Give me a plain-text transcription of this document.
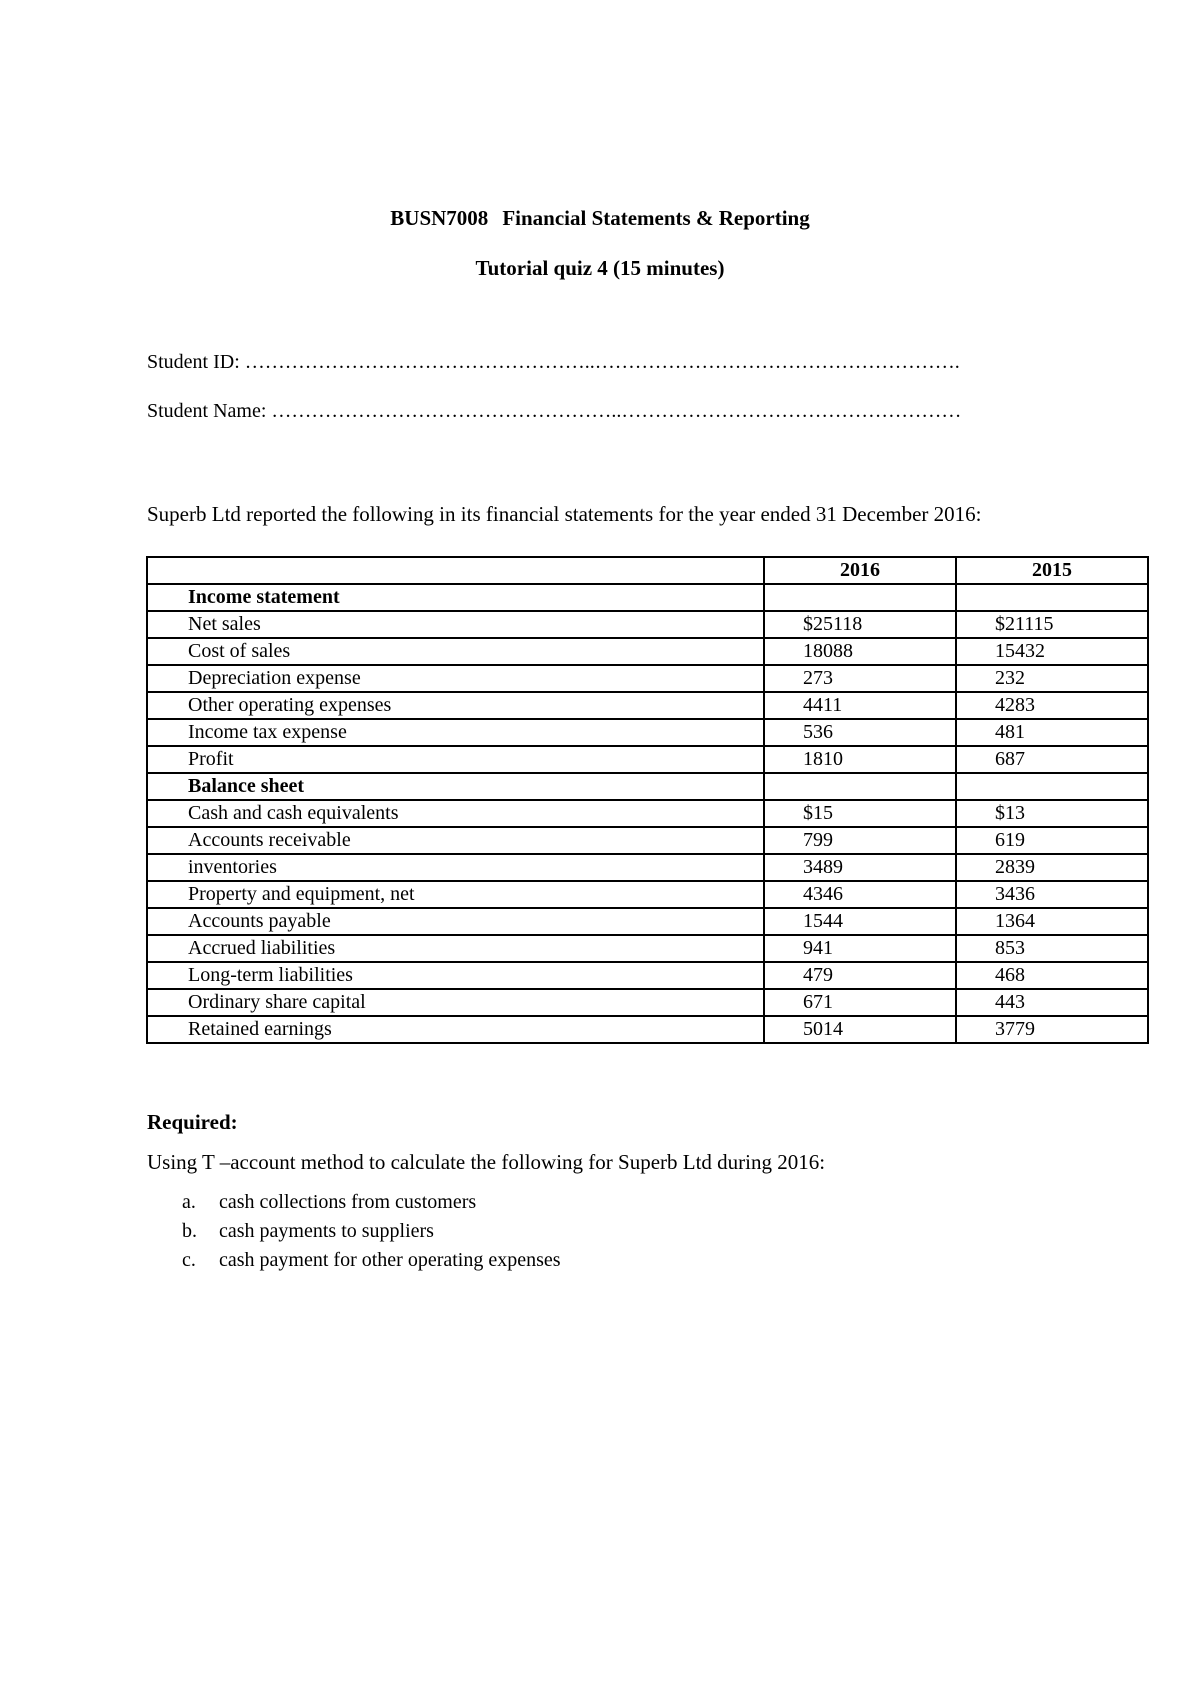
BUSN7008 Financial Statements & Reporting
Tutorial quiz 4 (15 minutes)
Student ID: ……………………………………………..……………………………………………….
Student Name: ……………………………………………..……………………………………………
Superb Ltd reported the following in its financial statements for the year ended 31 December 2016:
	2016	2015
Income statement		
Net sales	$25118	$21115
Cost of sales	18088	15432
Depreciation expense	273	232
Other operating expenses	4411	4283
Income tax expense	536	481
Profit	1810	687
Balance sheet		
Cash and cash equivalents	$15	$13
Accounts receivable	799	619
inventories	3489	2839
Property and equipment, net	4346	3436
Accounts payable	1544	1364
Accrued liabilities	941	853
Long-term liabilities	479	468
Ordinary share capital	671	443
Retained earnings	5014	3779
Required:
Using T –account method to calculate the following for Superb Ltd during 2016:
a.	cash collections from customers
b.	cash payments to suppliers
c.	cash payment for other operating expenses
